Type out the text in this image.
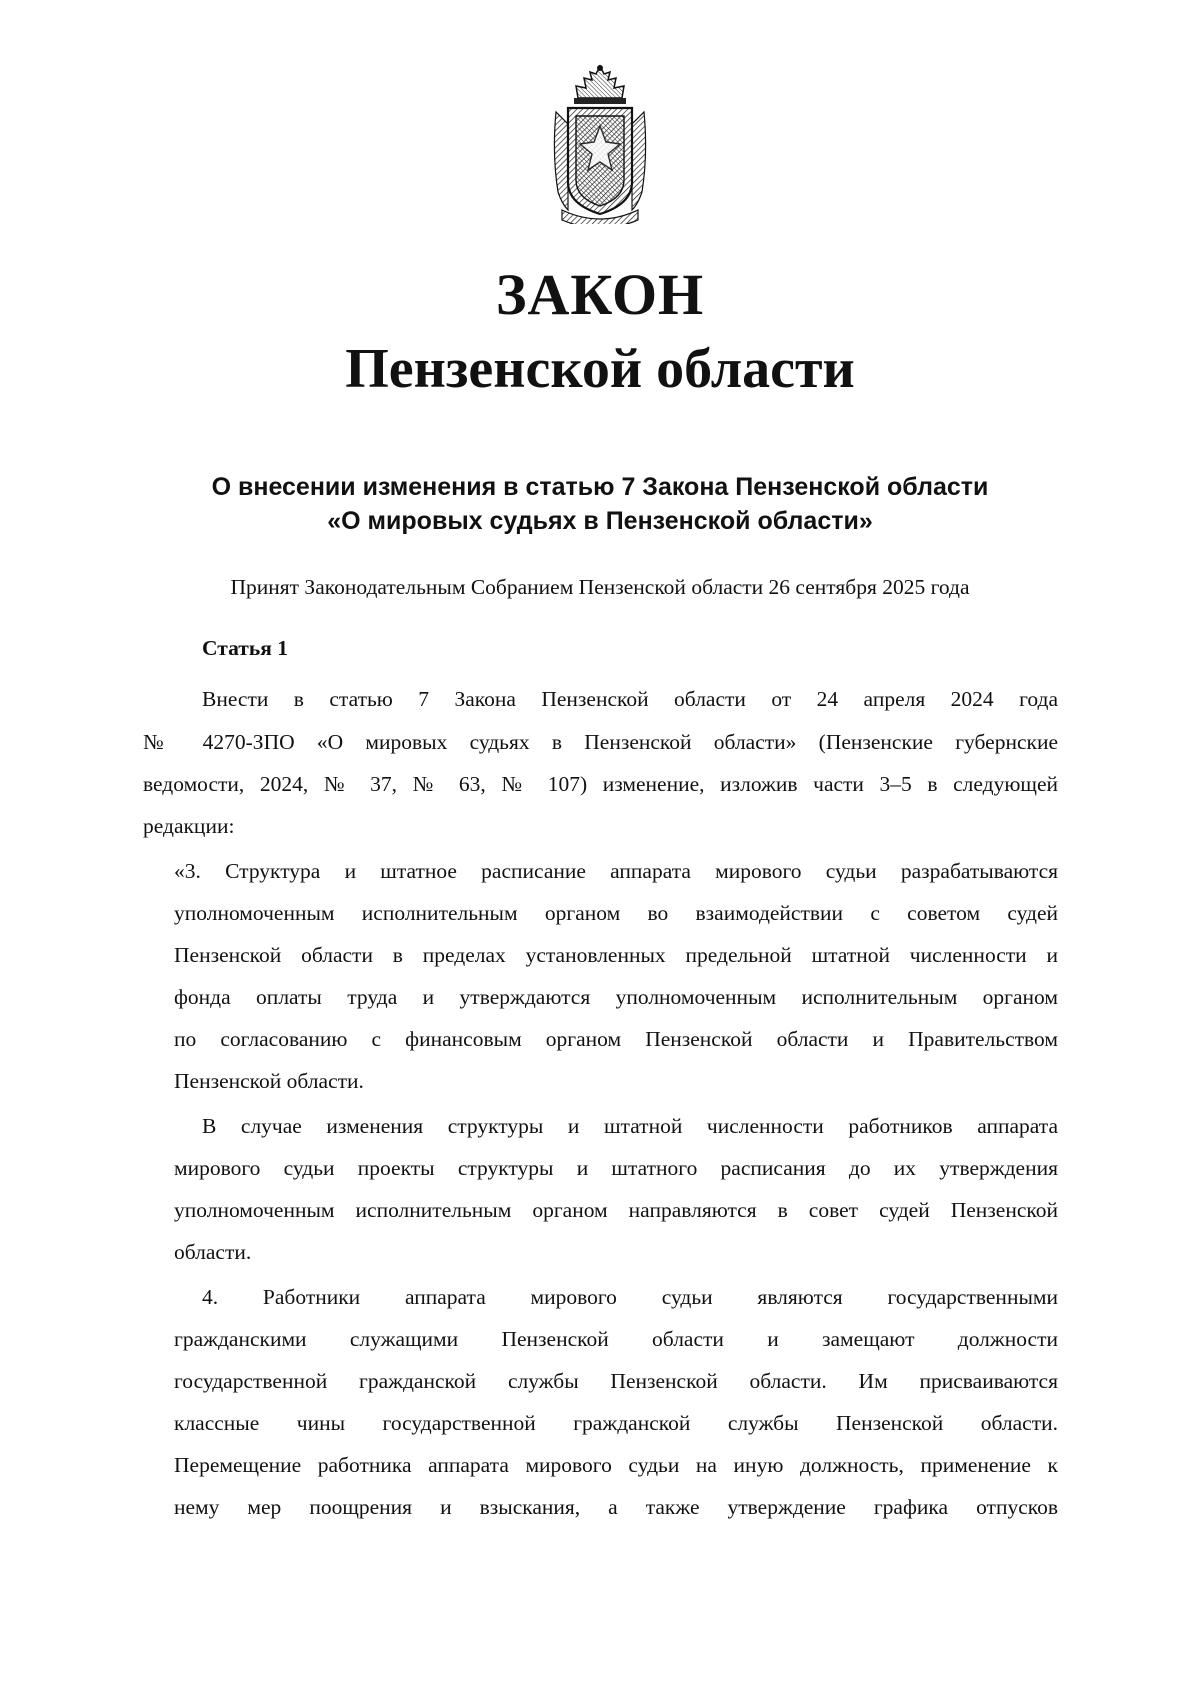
ЗАКОН
Пензенской области

О внесении изменения в статью 7 Закона Пензенской области
«О мировых судьях в Пензенской области»

Принят Законодательным Собранием Пензенской области 26 сентября 2025 года

Статья 1

Внести в статью 7 Закона Пензенской области от 24 апреля 2024 года

№ 4270-ЗПО «О мировых судьях в Пензенской области» (Пензенские губернские

ведомости, 2024, № 37, № 63, № 107) изменение, изложив части 3–5 в следующей

редакции:

«3. Структура и штатное расписание аппарата мирового судьи разрабатываются

уполномоченным исполнительным органом во взаимодействии с советом судей

Пензенской области в пределах установленных предельной штатной численности и

фонда оплаты труда и утверждаются уполномоченным исполнительным органом

по согласованию с финансовым органом Пензенской области и Правительством

Пензенской области.

В случае изменения структуры и штатной численности работников аппарата

мирового судьи проекты структуры и штатного расписания до их утверждения

уполномоченным исполнительным органом направляются в совет судей Пензенской

области.

4. Работники аппарата мирового судьи являются государственными

гражданскими служащими Пензенской области и замещают должности

государственной гражданской службы Пензенской области. Им присваиваются

классные чины государственной гражданской службы Пензенской области.

Перемещение работника аппарата мирового судьи на иную должность, применение к

нему мер поощрения и взыскания, а также утверждение графика отпусков
